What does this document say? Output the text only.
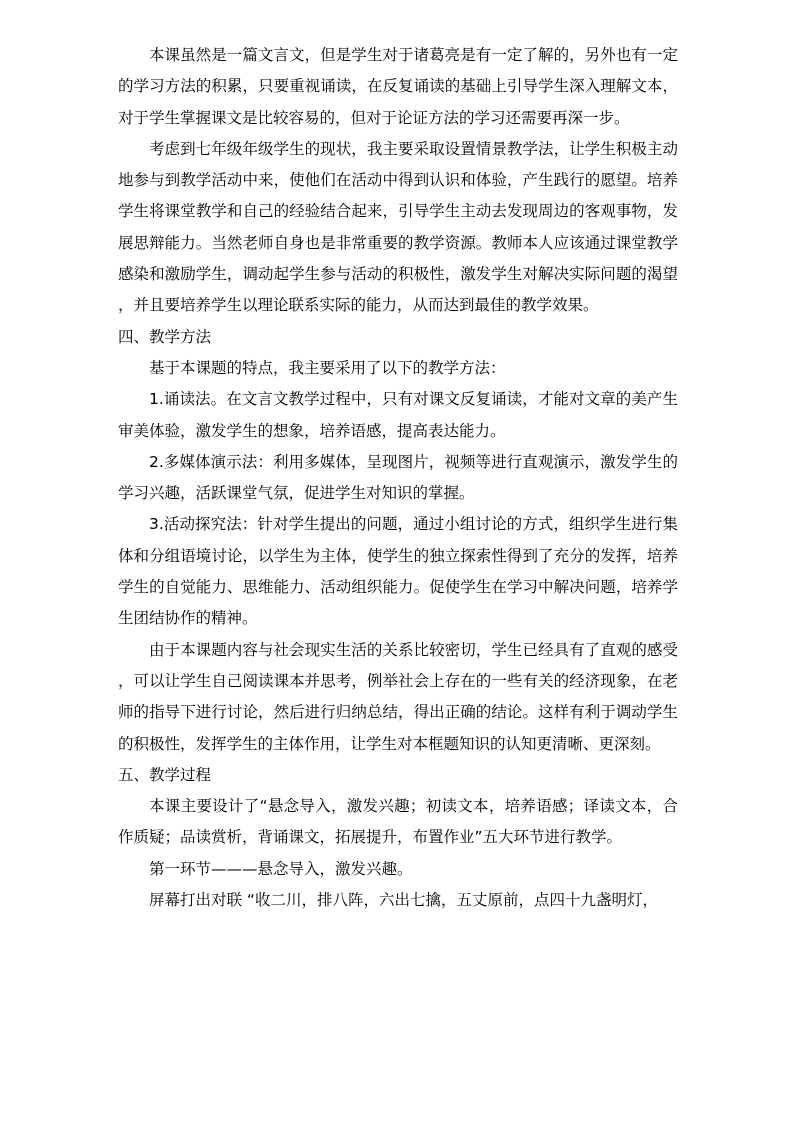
本课虽然是一篇文言文，但是学生对于诸葛亮是有一定了解的，另外也有一定的学习方法的积累，只要重视诵读，在反复诵读的基础上引导学生深入理解文本，对于学生掌握课文是比较容易的，但对于论证方法的学习还需要再深一步。

考虑到七年级年级学生的现状，我主要采取设置情景教学法，让学生积极主动地参与到教学活动中来，使他们在活动中得到认识和体验，产生践行的愿望。培养学生将课堂教学和自己的经验结合起来，引导学生主动去发现周边的客观事物，发展思辩能力。当然老师自身也是非常重要的教学资源。教师本人应该通过课堂教学感染和激励学生，调动起学生参与活动的积极性，激发学生对解决实际问题的渴望，并且要培养学生以理论联系实际的能力，从而达到最佳的教学效果。

四、教学方法

基于本课题的特点，我主要采用了以下的教学方法：

1.诵读法。在文言文教学过程中，只有对课文反复诵读，才能对文章的美产生审美体验，激发学生的想象，培养语感，提高表达能力。

2.多媒体演示法：利用多媒体，呈现图片，视频等进行直观演示，激发学生的学习兴趣，活跃课堂气氛，促进学生对知识的掌握。

3.活动探究法：针对学生提出的问题，通过小组讨论的方式，组织学生进行集体和分组语境讨论，以学生为主体，使学生的独立探索性得到了充分的发挥，培养学生的自觉能力、思维能力、活动组织能力。促使学生在学习中解决问题，培养学生团结协作的精神。

由于本课题内容与社会现实生活的关系比较密切，学生已经具有了直观的感受，可以让学生自己阅读课本并思考，例举社会上存在的一些有关的经济现象，在老师的指导下进行讨论，然后进行归纳总结，得出正确的结论。这样有利于调动学生的积极性，发挥学生的主体作用，让学生对本框题知识的认知更清晰、更深刻。

五、教学过程

本课主要设计了“悬念导入，激发兴趣；初读文本，培养语感；译读文本，合作质疑；品读赏析，背诵课文，拓展提升，布置作业”五大环节进行教学。

第一环节———悬念导入，激发兴趣。

屏幕打出对联 “收二川，排八阵，六出七擒，五丈原前，点四十九盏明灯，
